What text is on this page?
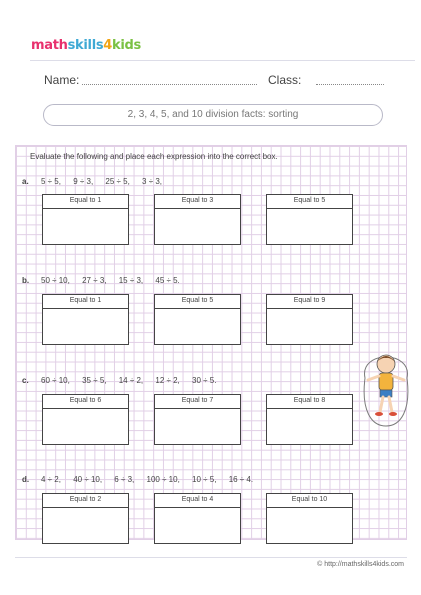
mathskills4kids
Name:	Class:
2, 3, 4, 5, and 10 division facts: sorting
Evaluate the following and place each expression into the correct box.
a. 5 ÷ 5, 9 ÷ 3, 25 ÷ 5, 3 ÷ 3,
Equal to 1	Equal to 3	Equal to 5
b. 50 ÷ 10, 27 ÷ 3, 15 ÷ 3, 45 ÷ 5.
Equal to 1	Equal to 5	Equal to 9
c. 60 ÷ 10, 35 ÷ 5, 14 ÷ 2, 12 ÷ 2, 30 ÷ 5.
Equal to 6	Equal to 7	Equal to 8
d. 4 ÷ 2, 40 ÷ 10, 6 ÷ 3, 100 ÷ 10, 10 ÷ 5, 16 ÷ 4.
Equal to 2	Equal to 4	Equal to 10
© http://mathskills4kids.com
